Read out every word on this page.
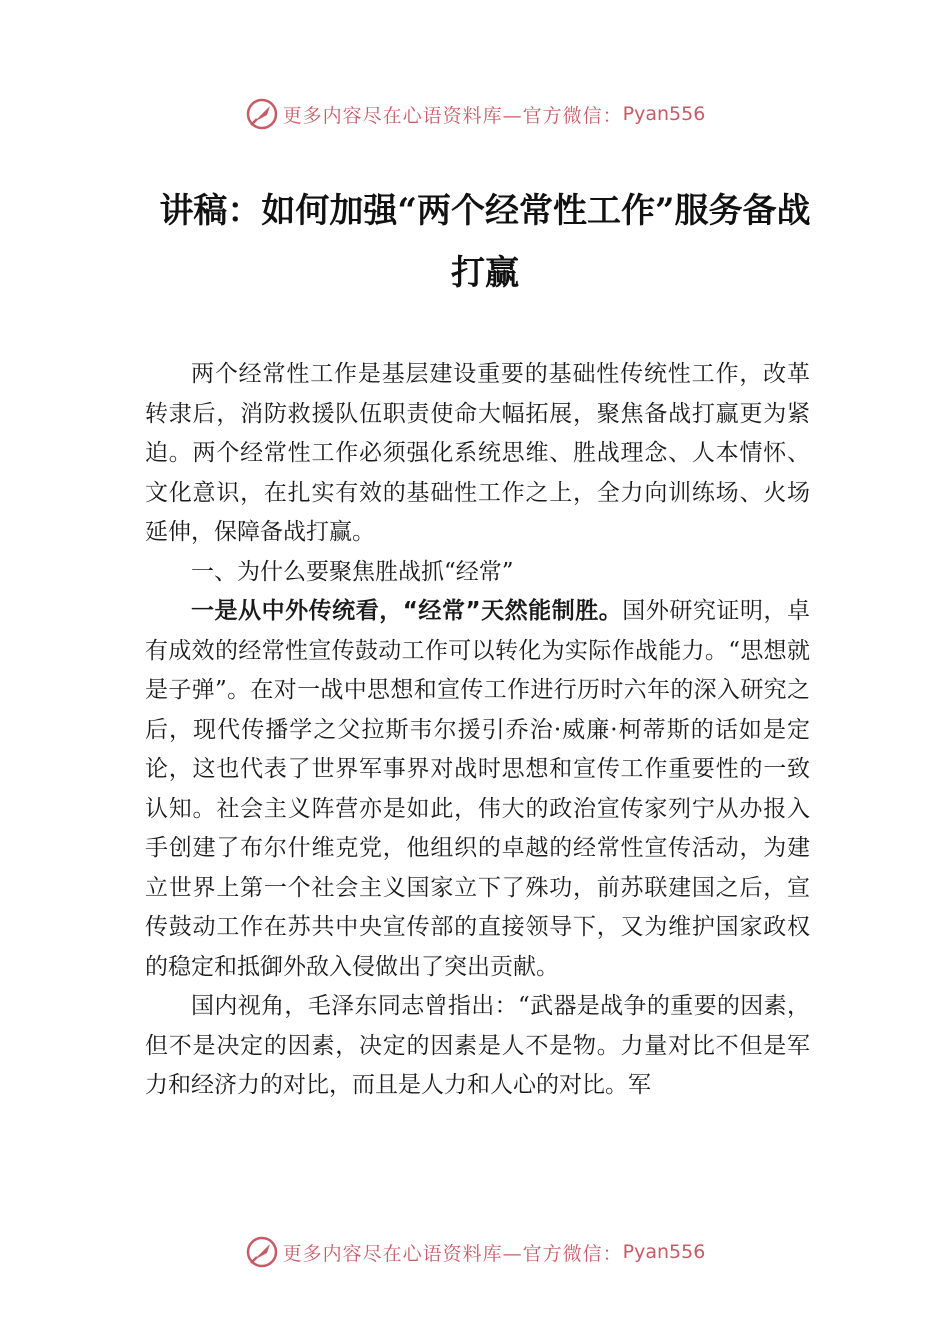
更多内容尽在心语资料库—官方微信： Pyan556
讲稿：如何加强“两个经常性工作”服务备战打赢

两个经常性工作是基层建设重要的基础性传统性工作，改革转隶后，消防救援队伍职责使命大幅拓展，聚焦备战打赢更为紧迫。两个经常性工作必须强化系统思维、胜战理念、人本情怀、文化意识，在扎实有效的基础性工作之上，全力向训练场、火场延伸，保障备战打赢。

一、为什么要聚焦胜战抓“经常”

一是从中外传统看，“经常”天然能制胜。国外研究证明，卓有成效的经常性宣传鼓动工作可以转化为实际作战能力。“思想就是子弹”。在对一战中思想和宣传工作进行历时六年的深入研究之后，现代传播学之父拉斯韦尔援引乔治·威廉·柯蒂斯的话如是定论，这也代表了世界军事界对战时思想和宣传工作重要性的一致认知。社会主义阵营亦是如此，伟大的政治宣传家列宁从办报入手创建了布尔什维克党，他组织的卓越的经常性宣传活动，为建立世界上第一个社会主义国家立下了殊功，前苏联建国之后，宣传鼓动工作在苏共中央宣传部的直接领导下，又为维护国家政权的稳定和抵御外敌入侵做出了突出贡献。

国内视角，毛泽东同志曾指出：“武器是战争的重要的因素，但不是决定的因素，决定的因素是人不是物。力量对比不但是军力和经济力的对比，而且是人力和人心的对比。军

更多内容尽在心语资料库—官方微信： Pyan556
